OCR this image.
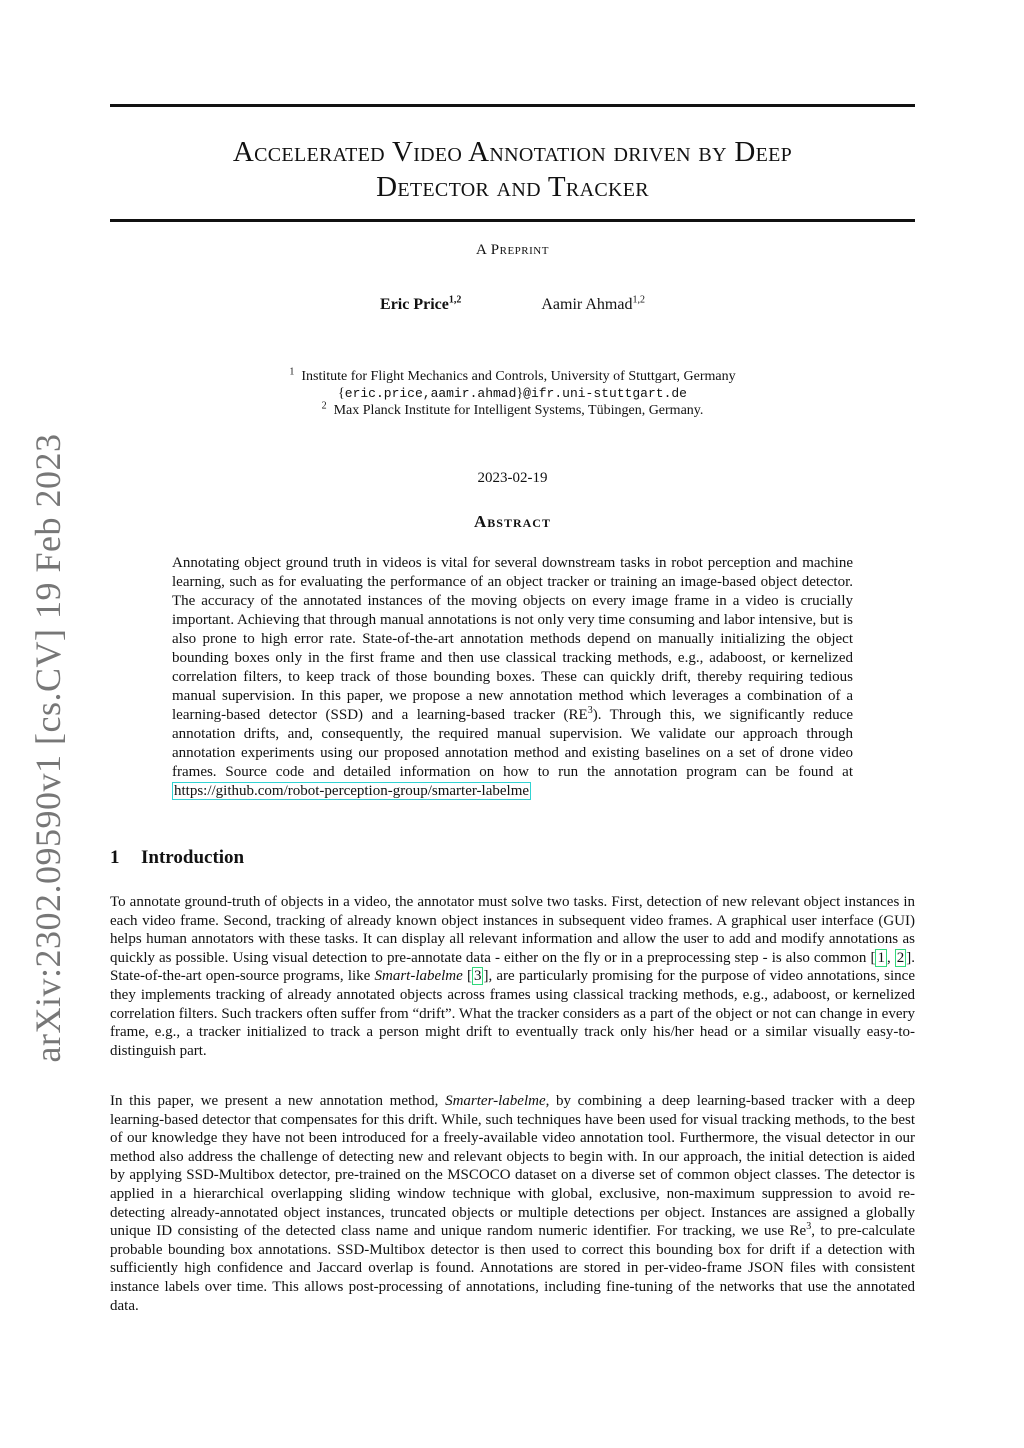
arXiv:2302.09590v1 [cs.CV] 19 Feb 2023
Accelerated Video Annotation driven by Deep
Detector and Tracker
A Preprint
Eric Price$^{1,2}$	Aamir Ahmad$^{1,2}$
$^1$ Institute for Flight Mechanics and Controls, University of Stuttgart, Germany
{eric.price,aamir.ahmad}@ifr.uni-stuttgart.de
$^2$ Max Planck Institute for Intelligent Systems, Tübingen, Germany.
2023-02-19
Abstract

Annotating object ground truth in videos is vital for several downstream tasks in robot perception and machine learning, such as for evaluating the performance of an object tracker or training an image-based object detector. The accuracy of the annotated instances of the moving objects on every image frame in a video is crucially important. Achieving that through manual annotations is not only very time consuming and labor intensive, but is also prone to high error rate. State-of-the-art annotation methods depend on manually initializing the object bounding boxes only in the first frame and then use classical tracking methods, e.g., adaboost, or kernelized correlation filters, to keep track of those bounding boxes. These can quickly drift, thereby requiring tedious manual supervision. In this paper, we propose a new annotation method which leverages a combination of a learning-based detector (SSD) and a learning-based tracker $(RE^3)$. Through this, we significantly reduce annotation drifts, and, consequently, the required manual supervision. We validate our approach through annotation experiments using our proposed annotation method and existing baselines on a set of drone video frames. Source code and detailed information on how to run the annotation program can be found at https://github.com/robot-perception-group/smarter-labelme

1 Introduction

To annotate ground-truth of objects in a video, the annotator must solve two tasks. First, detection of new relevant object instances in each video frame. Second, tracking of already known object instances in subsequent video frames. A graphical user interface (GUI) helps human annotators with these tasks. It can display all relevant information and allow the user to add and modify annotations as quickly as possible. Using visual detection to pre-annotate data - either on the fly or in a preprocessing step - is also common [ 1 , 2 ]. State-of-the-art open-source programs, like Smart-labelme [ 3 ], are particularly promising for the purpose of video annotations, since they implements tracking of already annotated objects across frames using classical tracking methods, e.g., adaboost, or kernelized correlation filters. Such trackers often suffer from “drift”. What the tracker considers as a part of the object or not can change in every frame, e.g., a tracker initialized to track a person might drift to eventually track only his/her head or a similar visually easy-to-distinguish part.

In this paper, we present a new annotation method, Smarter-labelme, by combining a deep learning-based tracker with a deep learning-based detector that compensates for this drift. While, such techniques have been used for visual tracking methods, to the best of our knowledge they have not been introduced for a freely-available video annotation tool. Furthermore, the visual detector in our method also address the challenge of detecting new and relevant objects to begin with. In our approach, the initial detection is aided by applying SSD-Multibox detector, pre-trained on the MSCOCO dataset on a diverse set of common object classes. The detector is applied in a hierarchical overlapping sliding window technique with global, exclusive, non-maximum suppression to avoid re-detecting already-annotated object instances, truncated objects or multiple detections per object. Instances are assigned a globally unique ID consisting of the detected class name and unique random numeric identifier. For tracking, we use Re$^3$, to pre-calculate probable bounding box annotations. SSD-Multibox detector is then used to correct this bounding box for drift if a detection with sufficiently high confidence and Jaccard overlap is found. Annotations are stored in per-video-frame JSON files with consistent instance labels over time. This allows post-processing of annotations, including fine-tuning of the networks that use the annotated data.
